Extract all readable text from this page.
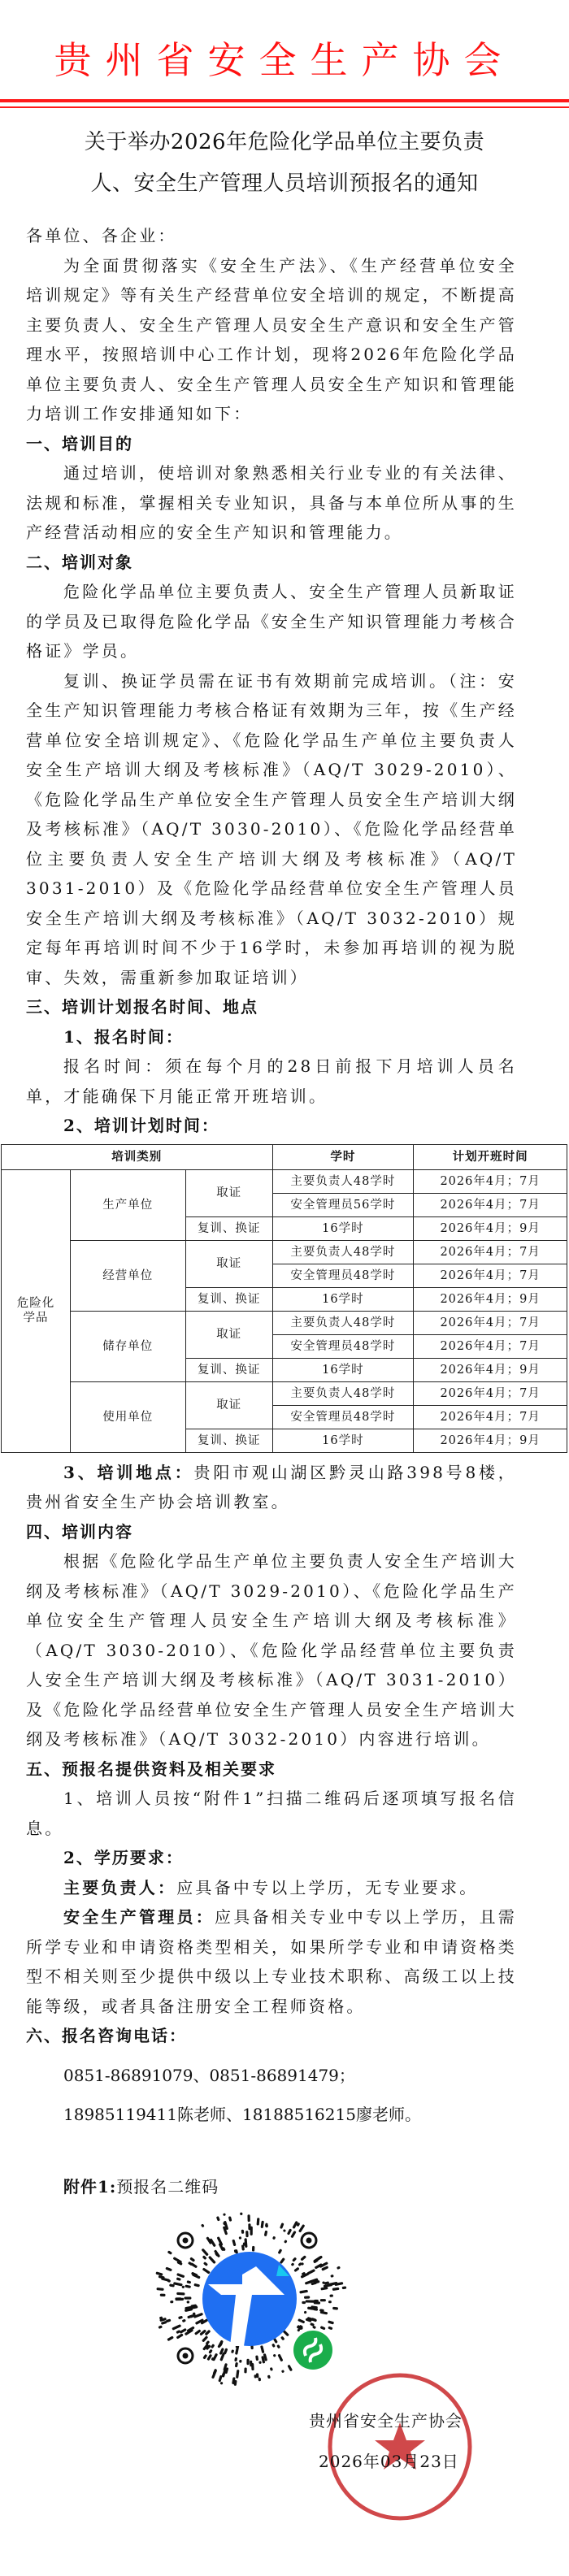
贵州省安全生产协会
关于举办2026年危险化学品单位主要负责
人、安全生产管理人员培训预报名的通知

各单位、各企业：

为全面贯彻落实《安全生产法》、《生产经营单位安全培训规定》等有关生产经营单位安全培训的规定，不断提高主要负责人、安全生产管理人员安全生产意识和安全生产管理水平，按照培训中心工作计划，现将2026年危险化学品单位主要负责人、安全生产管理人员安全生产知识和管理能力培训工作安排通知如下：

一、培训目的

通过培训，使培训对象熟悉相关行业专业的有关法律、法规和标准，掌握相关专业知识，具备与本单位所从事的生产经营活动相应的安全生产知识和管理能力。

二、培训对象

危险化学品单位主要负责人、安全生产管理人员新取证的学员及已取得危险化学品《安全生产知识管理能力考核合格证》学员。

复训、换证学员需在证书有效期前完成培训。（注：安全生产知识管理能力考核合格证有效期为三年，按《生产经营单位安全培训规定》、《危险化学品生产单位主要负责人安全生产培训大纲及考核标准》（AQ/T 3029-2010）、《危险化学品生产单位安全生产管理人员安全生产培训大纲及考核标准》（AQ/T 3030-2010）、《危险化学品经营单位主要负责人安全生产培训大纲及考核标准》（AQ/T 3031-2010）及《危险化学品经营单位安全生产管理人员安全生产培训大纲及考核标准》（AQ/T 3032-2010）规定每年再培训时间不少于16学时，未参加再培训的视为脱审、失效，需重新参加取证培训）

三、培训计划报名时间、地点

1、报名时间：

报名时间：须在每个月的28日前报下月培训人员名单，才能确保下月能正常开班培训。

2、培训计划时间：

培训类别			学时	计划开班时间
危险化学品	生产单位	取证	主要负责人48学时	2026年4月；7月
			安全管理员56学时	2026年4月；7月
		复训、换证	16学时	2026年4月；9月
	经营单位	取证	主要负责人48学时	2026年4月；7月
			安全管理员48学时	2026年4月；7月
		复训、换证	16学时	2026年4月；9月
	储存单位	取证	主要负责人48学时	2026年4月；7月
			安全管理员48学时	2026年4月；7月
		复训、换证	16学时	2026年4月；9月
	使用单位	取证	主要负责人48学时	2026年4月；7月
			安全管理员48学时	2026年4月；7月
		复训、换证	16学时	2026年4月；9月

3、培训地点：贵阳市观山湖区黔灵山路398号8楼，贵州省安全生产协会培训教室。

四、培训内容

根据《危险化学品生产单位主要负责人安全生产培训大纲及考核标准》（AQ/T 3029-2010）、《危险化学品生产单位安全生产管理人员安全生产培训大纲及考核标准》（AQ/T 3030-2010）、《危险化学品经营单位主要负责人安全生产培训大纲及考核标准》（AQ/T 3031-2010）及《危险化学品经营单位安全生产管理人员安全生产培训大纲及考核标准》（AQ/T 3032-2010）内容进行培训。

五、预报名提供资料及相关要求

1、培训人员按“附件1”扫描二维码后逐项填写报名信息。

2、学历要求：

主要负责人：应具备中专以上学历，无专业要求。

安全生产管理员：应具备相关专业中专以上学历，且需所学专业和申请资格类型相关，如果所学专业和申请资格类型不相关则至少提供中级以上专业技术职称、高级工以上技能等级，或者具备注册安全工程师资格。

六、报名咨询电话：

0851-86891079、0851-86891479；

18985119411陈老师、18188516215廖老师。

附件1:预报名二维码

贵州省安全生产协会
2026年03月23日
